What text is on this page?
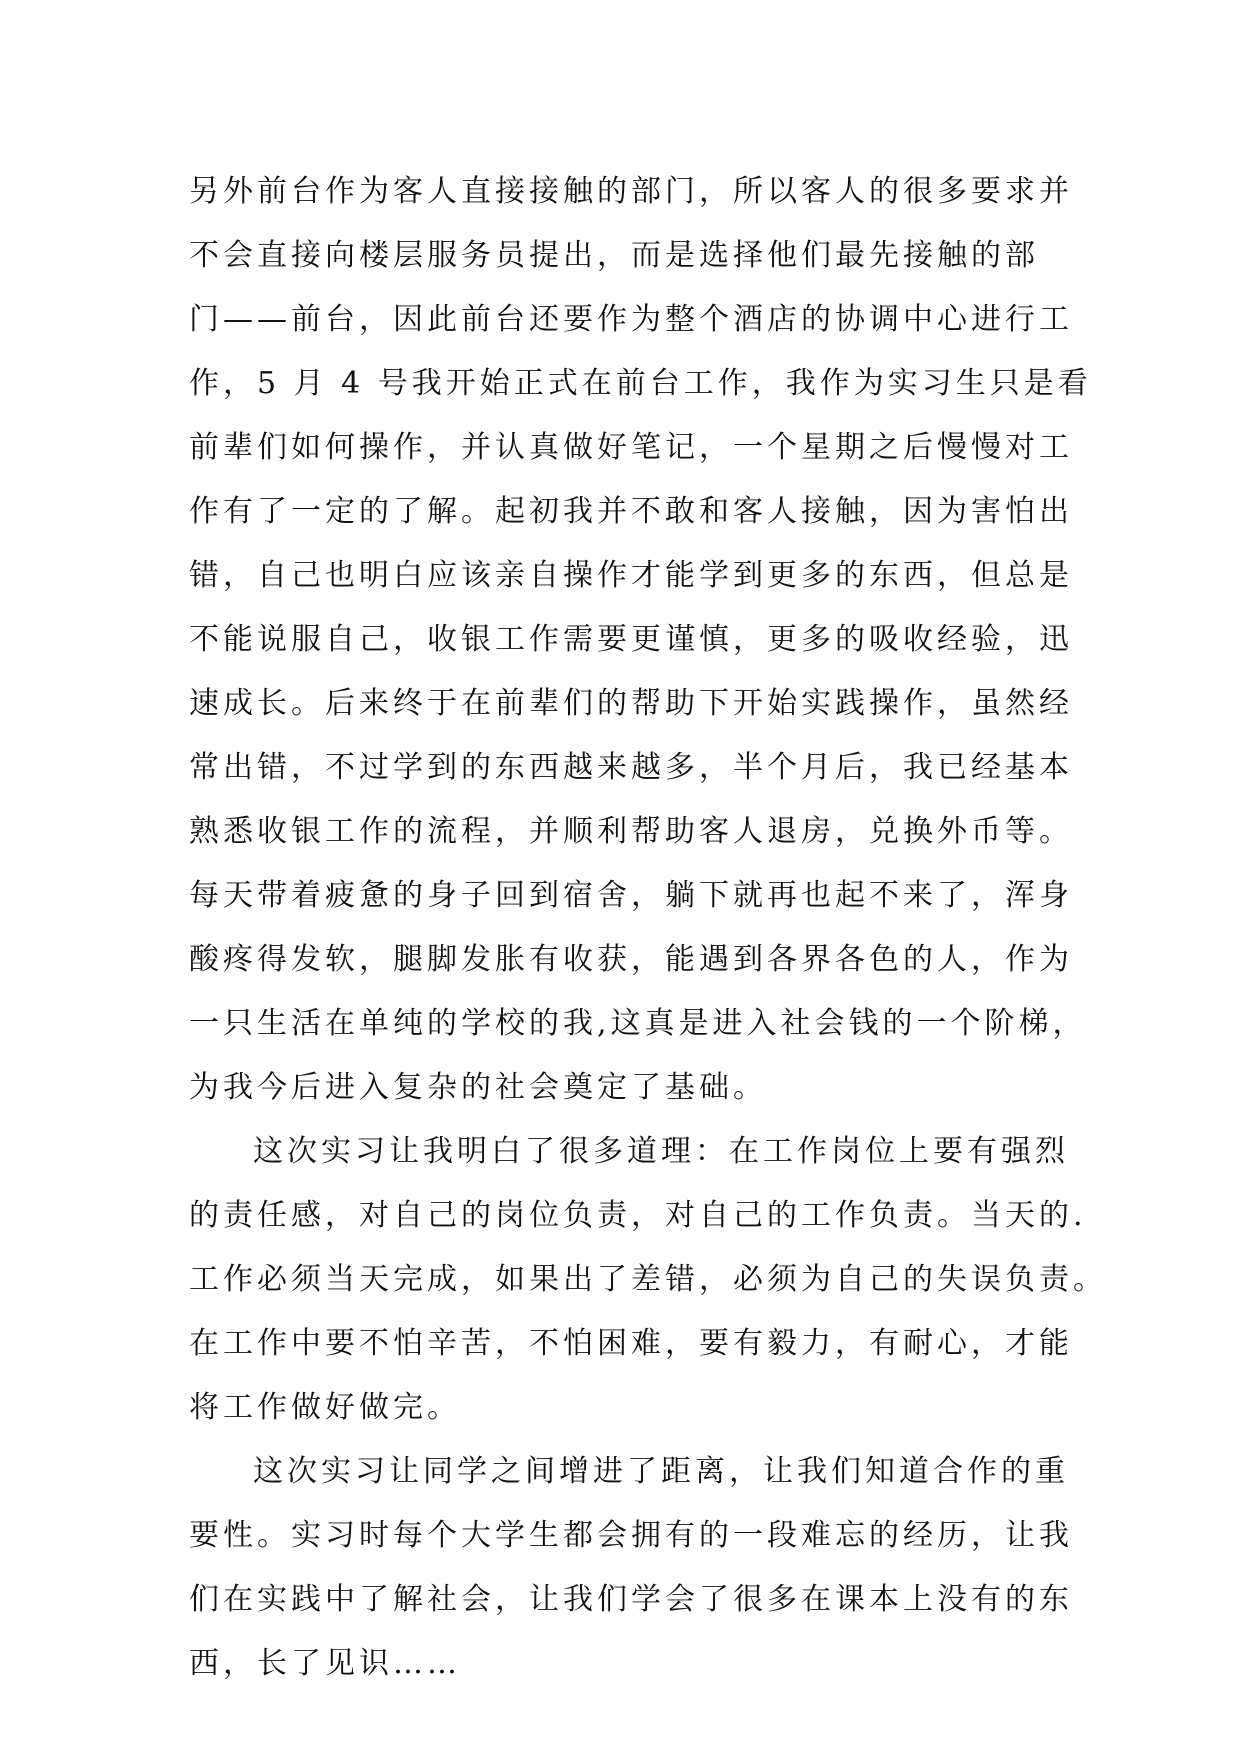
另外前台作为客人直接接触的部门，所以客人的很多要求并
不会直接向楼层服务员提出，而是选择他们最先接触的部
门——前台，因此前台还要作为整个酒店的协调中心进行工
作，5 月 4 号我开始正式在前台工作，我作为实习生只是看
前辈们如何操作，并认真做好笔记，一个星期之后慢慢对工
作有了一定的了解。起初我并不敢和客人接触，因为害怕出
错，自己也明白应该亲自操作才能学到更多的东西，但总是
不能说服自己，收银工作需要更谨慎，更多的吸收经验，迅
速成长。后来终于在前辈们的帮助下开始实践操作，虽然经
常出错，不过学到的东西越来越多，半个月后，我已经基本
熟悉收银工作的流程，并顺利帮助客人退房，兑换外币等。
每天带着疲惫的身子回到宿舍，躺下就再也起不来了，浑身
酸疼得发软，腿脚发胀有收获，能遇到各界各色的人，作为
一只生活在单纯的学校的我,这真是进入社会钱的一个阶梯，
为我今后进入复杂的社会奠定了基础。
这次实习让我明白了很多道理：在工作岗位上要有强烈
的责任感，对自己的岗位负责，对自己的工作负责。当天的.
工作必须当天完成，如果出了差错，必须为自己的失误负责。
在工作中要不怕辛苦，不怕困难，要有毅力，有耐心，才能
将工作做好做完。
这次实习让同学之间增进了距离，让我们知道合作的重
要性。实习时每个大学生都会拥有的一段难忘的经历，让我
们在实践中了解社会，让我们学会了很多在课本上没有的东
西，长了见识……
